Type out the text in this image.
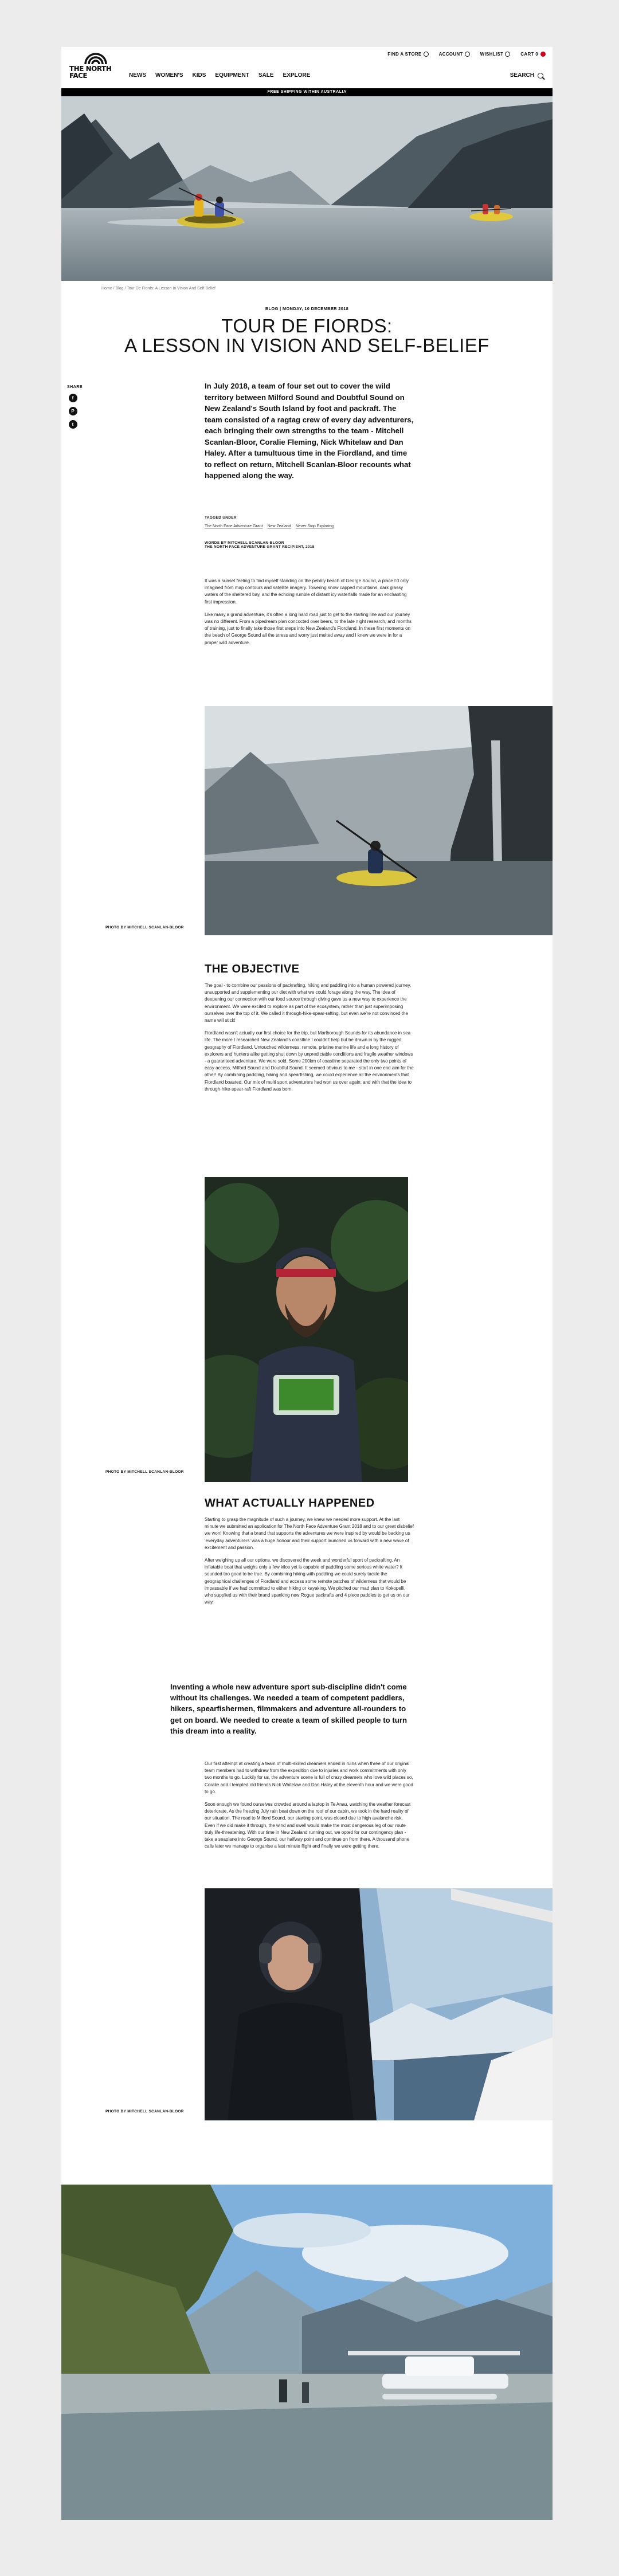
FIND A STORE	ACCOUNT	WISHLIST	CART 0
THE NORTH FACE	NEWS WOMEN'S KIDS EQUIPMENT SALE EXPLORE	SEARCH
FREE SHIPPING WITHIN AUSTRALIA
Home / Blog / Tour De Fiords: A Lesson In Vision And Self-Belief
BLOG | MONDAY, 10 DECEMBER 2018
TOUR DE FIORDS:
A LESSON IN VISION AND SELF-BELIEF
SHARE
f
P
t
In July 2018, a team of four set out to cover the wild territory between Milford Sound and Doubtful Sound on New Zealand's South Island by foot and packraft. The team consisted of a ragtag crew of every day adventurers, each bringing their own strengths to the team - Mitchell Scanlan-Bloor, Coralie Fleming, Nick Whitelaw and Dan Haley. After a tumultuous time in the Fiordland, and time to reflect on return, Mitchell Scanlan-Bloor recounts what happened along the way.
TAGGED UNDER
The North Face Adventure Grant New Zealand Never Stop Exploring
WORDS BY MITCHELL SCANLAN-BLOOR
THE NORTH FACE ADVENTURE GRANT RECIPIENT, 2018

It was a sunset feeling to find myself standing on the pebbly beach of George Sound, a place I'd only imagined from map contours and satellite imagery. Towering snow capped mountains, dark glassy waters of the sheltered bay, and the echoing rumble of distant icy waterfalls made for an enchanting first impression.

Like many a grand adventure, it's often a long hard road just to get to the starting line and our journey was no different. From a pipedream plan concocted over beers, to the late night research, and months of training, just to finally take those first steps into New Zealand's Fiordland. In these first moments on the beach of George Sound all the stress and worry just melted away and I knew we were in for a proper wild adventure.

PHOTO BY MITCHELL SCANLAN-BLOOR
THE OBJECTIVE

The goal - to combine our passions of packrafting, hiking and paddling into a human powered journey, unsupported and supplementing our diet with what we could forage along the way. The idea of deepening our connection with our food source through diving gave us a new way to experience the environment. We were excited to explore as part of the ecosystem, rather than just superimposing ourselves over the top of it. We called it through-hike-spear-rafting, but even we're not convinced the name will stick!

Fiordland wasn't actually our first choice for the trip, but Marlborough Sounds for its abundance in sea life. The more I researched New Zealand's coastline I couldn't help but be drawn in by the rugged geography of Fiordland. Untouched wilderness, remote, pristine marine life and a long history of explorers and hunters alike getting shut down by unpredictable conditions and fragile weather windows - a guaranteed adventure. We were sold. Some 200km of coastline separated the only two points of easy access, Milford Sound and Doubtful Sound. It seemed obvious to me - start in one end aim for the other! By combining paddling, hiking and spearfishing, we could experience all the environments that Fiordland boasted. Our mix of multi sport adventurers had won us over again; and with that the idea to through-hike-spear-raft Fiordland was born.

PHOTO BY MITCHELL SCANLAN-BLOOR
WHAT ACTUALLY HAPPENED

Starting to grasp the magnitude of such a journey, we knew we needed more support. At the last minute we submitted an application for The North Face Adventure Grant 2018 and to our great disbelief we won! Knowing that a brand that supports the adventures we were inspired by would be backing us 'everyday adventurers' was a huge honour and their support launched us forward with a new wave of excitement and passion.

After weighing up all our options, we discovered the week and wonderful sport of packrafting. An inflatable boat that weighs only a few kilos yet is capable of paddling some serious white water? It sounded too good to be true. By combining hiking with paddling we could surely tackle the geographical challenges of Fiordland and access some remote patches of wilderness that would be impassable if we had committed to either hiking or kayaking. We pitched our mad plan to Kokopelli, who supplied us with their brand spanking new Rogue packrafts and 4 piece paddles to get us on our way.

Inventing a whole new adventure sport sub-discipline didn't come without its challenges. We needed a team of competent paddlers, hikers, spearfishermen, filmmakers and adventure all-rounders to get on board. We needed to create a team of skilled people to turn this dream into a reality.

Our first attempt at creating a team of multi-skilled dreamers ended in ruins when three of our original team members had to withdraw from the expedition due to injuries and work commitments with only two months to go. Luckily for us, the adventure scene is full of crazy dreamers who love wild places so, Coralie and I tempted old friends Nick Whitelaw and Dan Haley at the eleventh hour and we were good to go.

Soon enough we found ourselves crowded around a laptop in Te Anau, watching the weather forecast deteriorate. As the freezing July rain beat down on the roof of our cabin, we took in the hard reality of our situation. The road to Milford Sound, our starting point, was closed due to high avalanche risk. Even if we did make it through, the wind and swell would make the most dangerous leg of our route truly life-threatening. With our time in New Zealand running out, we opted for our contingency plan - take a seaplane into George Sound, our halfway point and continue on from there. A thousand phone calls later we manage to organise a last minute flight and finally we were getting there.

PHOTO BY MITCHELL SCANLAN-BLOOR
